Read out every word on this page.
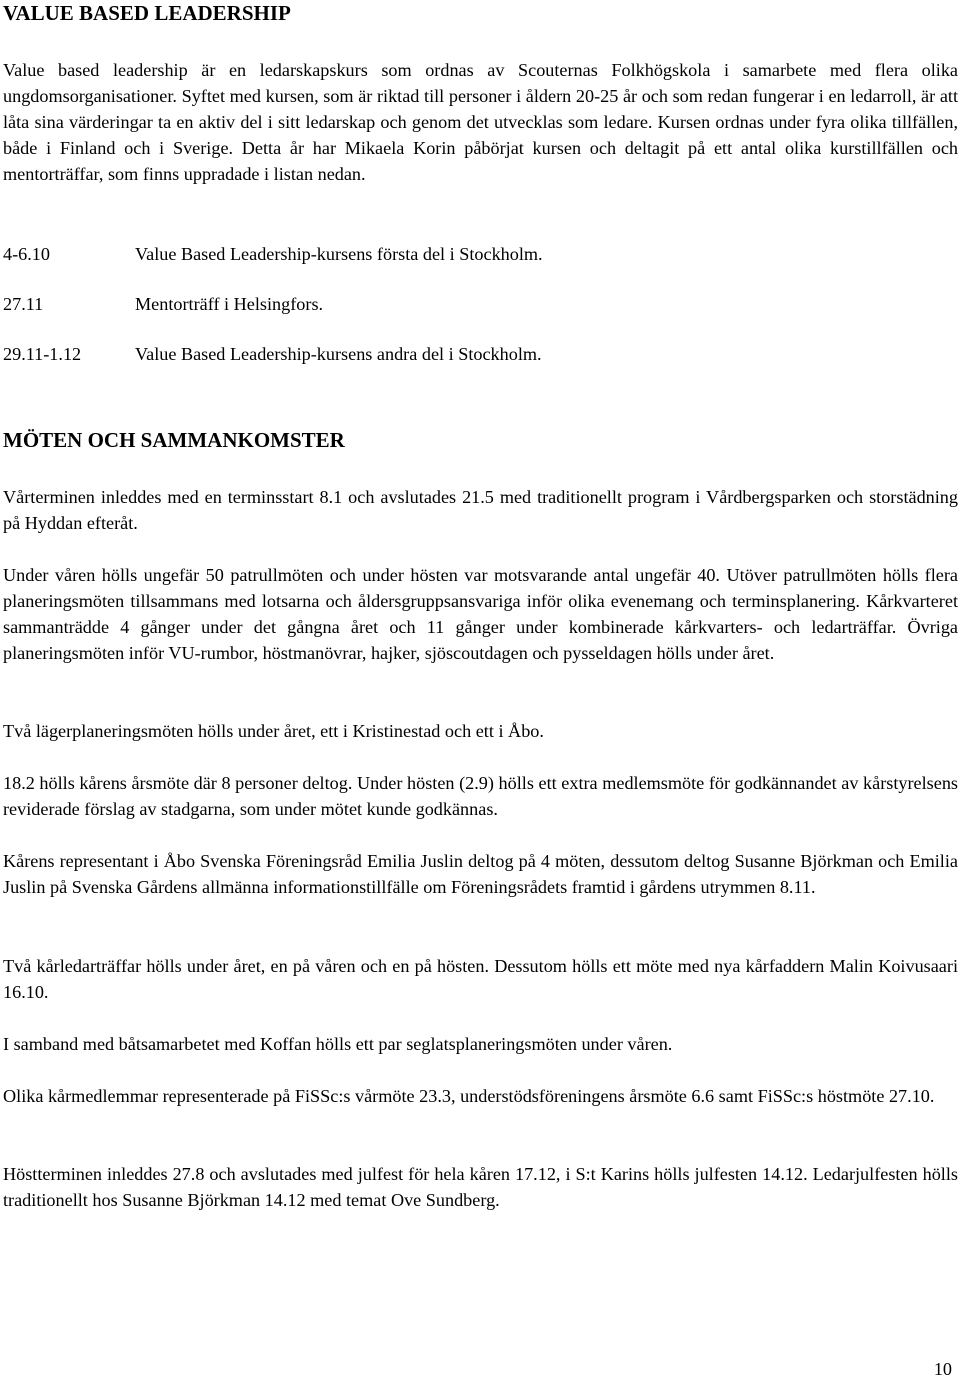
VALUE BASED LEADERSHIP

Value based leadership är en ledarskapskurs som ordnas av Scouternas Folkhögskola i samarbete med flera olika ungdomsorganisationer. Syftet med kursen, som är riktad till personer i åldern 20-25 år och som redan fungerar i en ledarroll, är att låta sina värderingar ta en aktiv del i sitt ledarskap och genom det utvecklas som ledare. Kursen ordnas under fyra olika tillfällen, både i Finland och i Sverige. Detta år har Mikaela Korin påbörjat kursen och deltagit på ett antal olika kurstillfällen och mentorträffar, som finns uppradade i listan nedan.

4-6.10	Value Based Leadership-kursens första del i Stockholm.
27.11	Mentorträff i Helsingfors.
29.11-1.12	Value Based Leadership-kursens andra del i Stockholm.
MÖTEN OCH SAMMANKOMSTER

Vårterminen inleddes med en terminsstart 8.1 och avslutades 21.5 med traditionellt program i Vårdbergsparken och storstädning på Hyddan efteråt.

Under våren hölls ungefär 50 patrullmöten och under hösten var motsvarande antal ungefär 40. Utöver patrullmöten hölls flera planeringsmöten tillsammans med lotsarna och åldersgruppsansvariga inför olika evenemang och terminsplanering. Kårkvarteret sammanträdde 4 gånger under det gångna året och 11 gånger under kombinerade kårkvarters- och ledarträffar. Övriga planeringsmöten inför VU-rumbor, höstmanövrar, hajker, sjöscoutdagen och pysseldagen hölls under året.

Två lägerplaneringsmöten hölls under året, ett i Kristinestad och ett i Åbo.

18.2 hölls kårens årsmöte där 8 personer deltog. Under hösten (2.9) hölls ett extra medlemsmöte för godkännandet av kårstyrelsens reviderade förslag av stadgarna, som under mötet kunde godkännas.

Kårens representant i Åbo Svenska Föreningsråd Emilia Juslin deltog på 4 möten, dessutom deltog Susanne Björkman och Emilia Juslin på Svenska Gårdens allmänna informationstillfälle om Föreningsrådets framtid i gårdens utrymmen 8.11.

Två kårledarträffar hölls under året, en på våren och en på hösten. Dessutom hölls ett möte med nya kårfaddern Malin Koivusaari 16.10.

I samband med båtsamarbetet med Koffan hölls ett par seglatsplaneringsmöten under våren.

Olika kårmedlemmar representerade på FiSSc:s vårmöte 23.3, understödsföreningens årsmöte 6.6 samt FiSSc:s höstmöte 27.10.

Höstterminen inleddes 27.8 och avslutades med julfest för hela kåren 17.12, i S:t Karins hölls julfesten 14.12. Ledarjulfesten hölls traditionellt hos Susanne Björkman 14.12 med temat Ove Sundberg.

10
